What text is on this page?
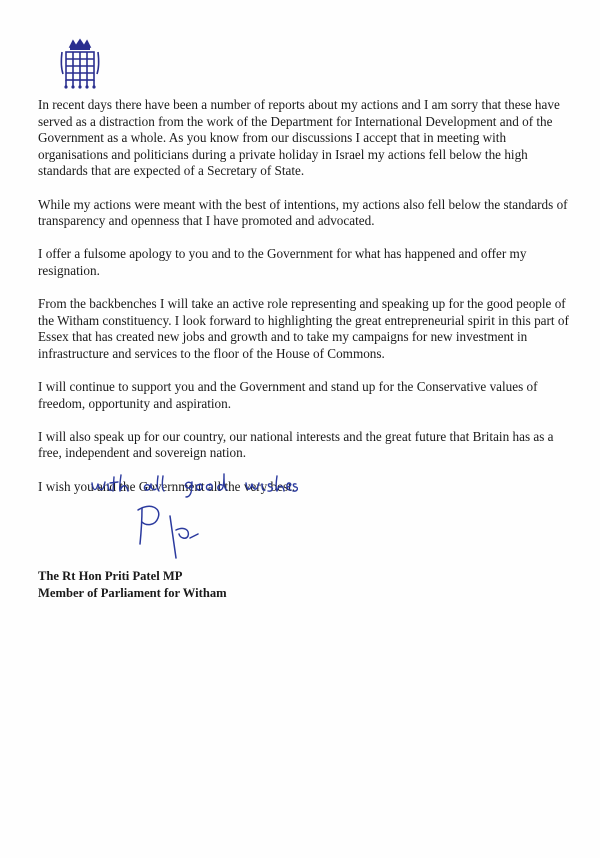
In recent days there have been a number of reports about my actions and I am sorry that these have served as a distraction from the work of the Department for International Development and of the Government as a whole. As you know from our discussions I accept that in meeting with organisations and politicians during a private holiday in Israel my actions fell below the high standards that are expected of a Secretary of State.

While my actions were meant with the best of intentions, my actions also fell below the standards of transparency and openness that I have promoted and advocated.

I offer a fulsome apology to you and to the Government for what has happened and offer my resignation.

From the backbenches I will take an active role representing and speaking up for the good people of the Witham constituency. I look forward to highlighting the great entrepreneurial spirit in this part of Essex that has created new jobs and growth and to take my campaigns for new investment in infrastructure and services to the floor of the House of Commons.

I will continue to support you and the Government and stand up for the Conservative values of freedom, opportunity and aspiration.

I will also speak up for our country, our national interests and the great future that Britain has as a free, independent and sovereign nation.

I wish you and the Government all the very best.

The Rt Hon Priti Patel MP
Member of Parliament for Witham
